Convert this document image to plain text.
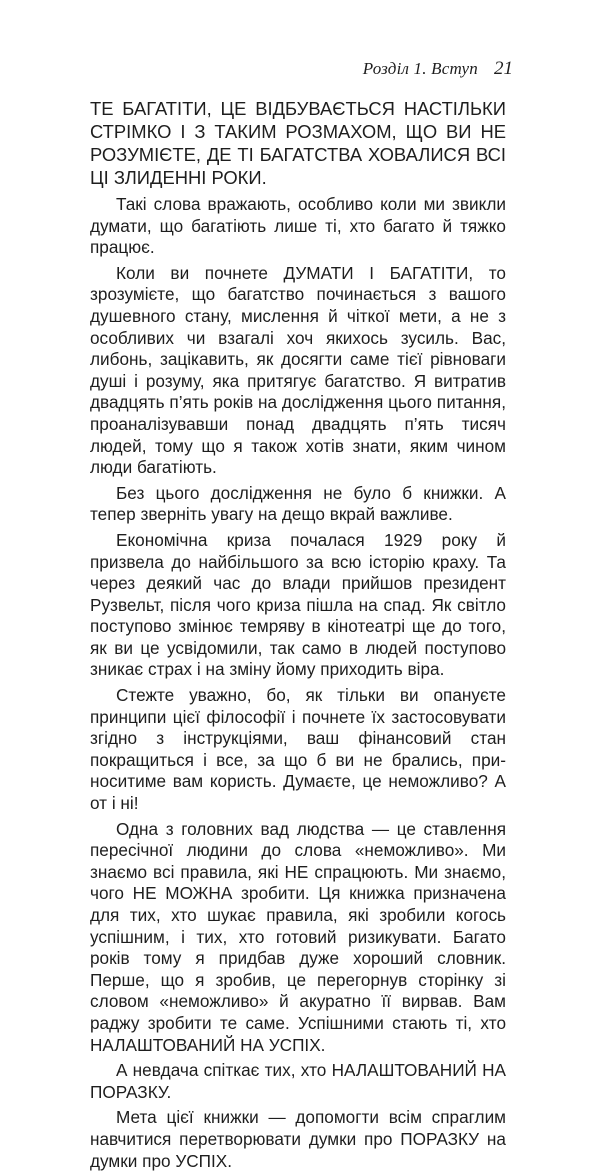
Розділ 1. Вступ 21

ТЕ БАГАТІТИ, ЦЕ ВІДБУВАЄТЬСЯ НАСТІЛЬКИ СТРІМКО І З ТАКИМ РОЗМАХОМ, ЩО ВИ НЕ РОЗУМІЄТЕ, ДЕ ТІ БАГАТСТВА ХОВАЛИСЯ ВСІ ЦІ ЗЛИДЕННІ РОКИ.

Такі слова вражають, особливо коли ми звикли думати, що багатіють лише ті, хто багато й тяжко працює.

Коли ви почнете ДУМАТИ І БАГАТІТИ, то зрозумієте, що багатство починається з вашого душевного стану, мислення й чіткої мети, а не з особливих чи взагалі хоч якихось зусиль. Вас, либонь, зацікавить, як досягти саме тієї рівноваги душі і розуму, яка притягує багатство. Я витратив двадцять п’ять років на дослідження цього питання, проаналізувавши понад двадцять п’ять тисяч людей, тому що я також хотів знати, яким чином люди багатіють.

Без цього дослідження не було б книжки. А тепер зверніть увагу на дещо вкрай важливе.

Економічна криза почалася 1929 року й призвела до найбільшого за всю історію краху. Та через деякий час до влади прийшов президент Рузвельт, після чого криза пішла на спад. Як світло поступово змінює темряву в кінотеатрі ще до того, як ви це усвідомили, так само в людей поступово зникає страх і на зміну йому приходить віра.

Стежте уважно, бо, як тільки ви опануєте принципи цієї філософії і почнете їх застосовувати згідно з інструкціями, ваш фінансовий стан покращиться і все, за що б ви не брались, приноситиме вам користь. Думаєте, це неможливо? А от і ні!

Одна з головних вад людства — це ставлення пересічної людини до слова «неможливо». Ми знаємо всі правила, які НЕ спрацюють. Ми знаємо, чого НЕ МОЖНА зробити. Ця книжка призначена для тих, хто шукає правила, які зробили когось успішним, і тих, хто готовий ризикувати. Багато років тому я придбав дуже хороший словник. Перше, що я зробив, це перегорнув сторінку зі словом «неможливо» й акуратно її вирвав. Вам раджу зробити те саме. Успішними стають ті, хто НАЛАШТОВАНИЙ НА УСПІХ.

А невдача спіткає тих, хто НАЛАШТОВАНИЙ НА ПОРАЗКУ.

Мета цієї книжки — допомогти всім спраглим навчитися перетворювати думки про ПОРАЗКУ на думки про УСПІХ.
